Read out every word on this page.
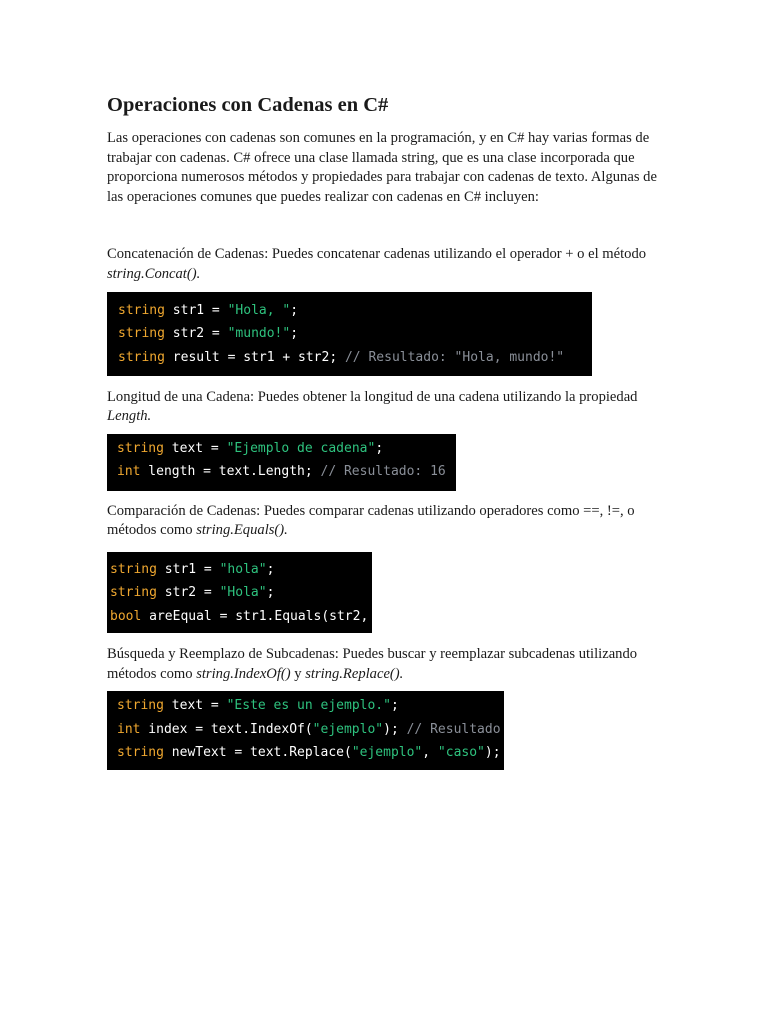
Operaciones con Cadenas en C#

Las operaciones con cadenas son comunes en la programación, y en C# hay varias formas de trabajar con cadenas. C# ofrece una clase llamada string, que es una clase incorporada que proporciona numerosos métodos y propiedades para trabajar con cadenas de texto. Algunas de las operaciones comunes que puedes realizar con cadenas en C# incluyen:

Concatenación de Cadenas: Puedes concatenar cadenas utilizando el operador + o el método string.Concat().

string str1 = "Hola, ";
string str2 = "mundo!";
string result = str1 + str2; // Resultado: "Hola, mundo!"

Longitud de una Cadena: Puedes obtener la longitud de una cadena utilizando la propiedad
Length.

string text = "Ejemplo de cadena";
int length = text.Length; // Resultado: 16

Comparación de Cadenas: Puedes comparar cadenas utilizando operadores como ==, !=, o métodos como string.Equals().

string str1 = "hola";
string str2 = "Hola";
bool areEqual = str1.Equals(str2,

Búsqueda y Reemplazo de Subcadenas: Puedes buscar y reemplazar subcadenas utilizando métodos como string.IndexOf() y string.Replace().

string text = "Este es un ejemplo.";
int index = text.IndexOf("ejemplo"); // Resultado
string newText = text.Replace("ejemplo", "caso");
